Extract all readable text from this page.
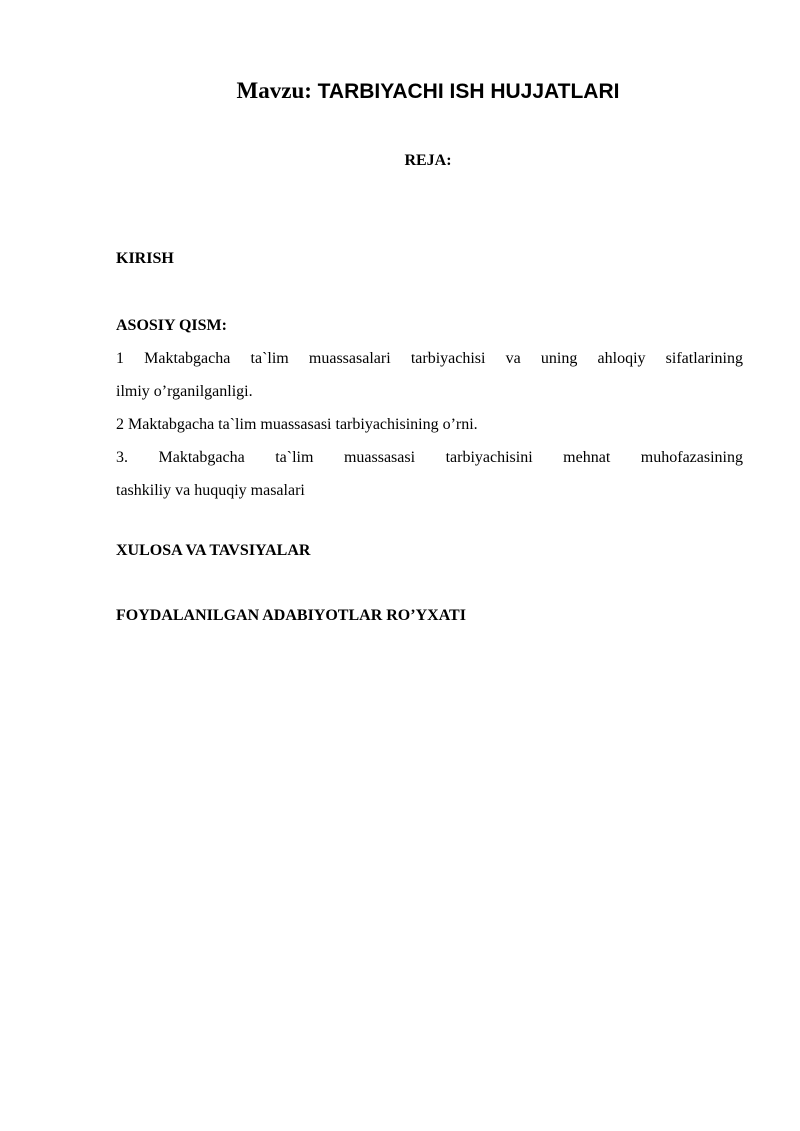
Mavzu: TARBIYACHI ISH HUJJATLARI
REJA:
KIRISH
ASOSIY QISM:
1 Maktabgacha ta`lim muassasalari tarbiyachisi va uning ahloqiy sifatlarining
ilmiy o’rganilganligi.
2 Maktabgacha ta`lim muassasasi tarbiyachisining o’rni.
3. Maktabgacha ta`lim muassasasi tarbiyachisini mehnat muhofazasining
tashkiliy va huquqiy masalari
XULOSA VA TAVSIYALAR
FOYDALANILGAN ADABIYOTLAR RO’YXATI
